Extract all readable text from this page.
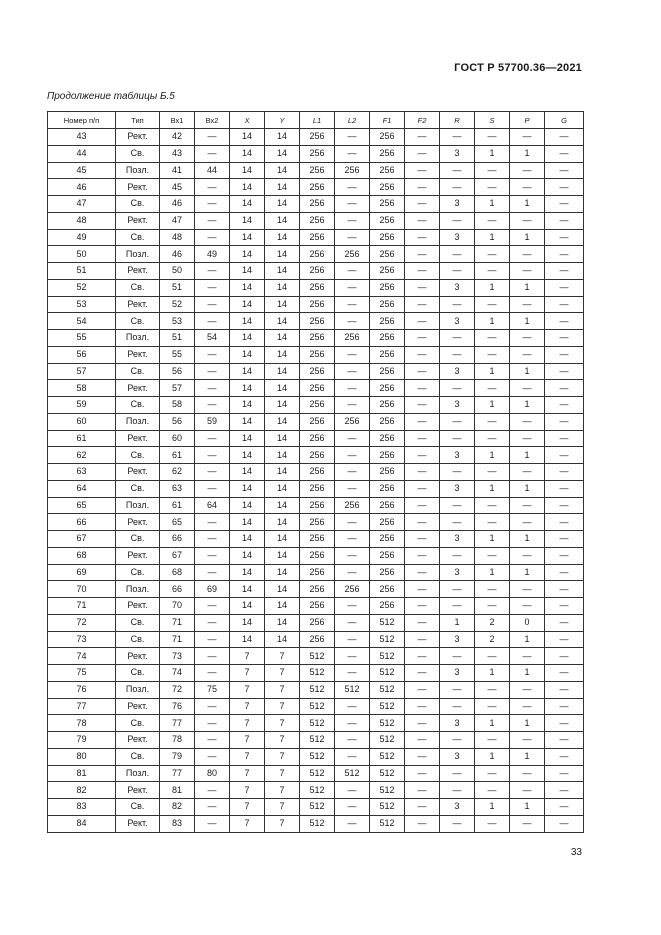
ГОСТ Р 57700.36—2021
Продолжение таблицы Б.5
Номер п/п	Тип	Вх1	Вх2	X	Y	L1	L2	F1	F2	R	S	P	G
43	Рект.	42	—	14	14	256	—	256	—	—	—	—	—
44	Св.	43	—	14	14	256	—	256	—	3	1	1	—
45	Позл.	41	44	14	14	256	256	256	—	—	—	—	—
46	Рект.	45	—	14	14	256	—	256	—	—	—	—	—
47	Св.	46	—	14	14	256	—	256	—	3	1	1	—
48	Рект.	47	—	14	14	256	—	256	—	—	—	—	—
49	Св.	48	—	14	14	256	—	256	—	3	1	1	—
50	Позл.	46	49	14	14	256	256	256	—	—	—	—	—
51	Рект.	50	—	14	14	256	—	256	—	—	—	—	—
52	Св.	51	—	14	14	256	—	256	—	3	1	1	—
53	Рект.	52	—	14	14	256	—	256	—	—	—	—	—
54	Св.	53	—	14	14	256	—	256	—	3	1	1	—
55	Позл.	51	54	14	14	256	256	256	—	—	—	—	—
56	Рект.	55	—	14	14	256	—	256	—	—	—	—	—
57	Св.	56	—	14	14	256	—	256	—	3	1	1	—
58	Рект.	57	—	14	14	256	—	256	—	—	—	—	—
59	Св.	58	—	14	14	256	—	256	—	3	1	1	—
60	Позл.	56	59	14	14	256	256	256	—	—	—	—	—
61	Рект.	60	—	14	14	256	—	256	—	—	—	—	—
62	Св.	61	—	14	14	256	—	256	—	3	1	1	—
63	Рект.	62	—	14	14	256	—	256	—	—	—	—	—
64	Св.	63	—	14	14	256	—	256	—	3	1	1	—
65	Позл.	61	64	14	14	256	256	256	—	—	—	—	—
66	Рект.	65	—	14	14	256	—	256	—	—	—	—	—
67	Св.	66	—	14	14	256	—	256	—	3	1	1	—
68	Рект.	67	—	14	14	256	—	256	—	—	—	—	—
69	Св.	68	—	14	14	256	—	256	—	3	1	1	—
70	Позл.	66	69	14	14	256	256	256	—	—	—	—	—
71	Рект.	70	—	14	14	256	—	256	—	—	—	—	—
72	Св.	71	—	14	14	256	—	512	—	1	2	0	—
73	Св.	71	—	14	14	256	—	512	—	3	2	1	—
74	Рект.	73	—	7	7	512	—	512	—	—	—	—	—
75	Св.	74	—	7	7	512	—	512	—	3	1	1	—
76	Позл.	72	75	7	7	512	512	512	—	—	—	—	—
77	Рект.	76	—	7	7	512	—	512	—	—	—	—	—
78	Св.	77	—	7	7	512	—	512	—	3	1	1	—
79	Рект.	78	—	7	7	512	—	512	—	—	—	—	—
80	Св.	79	—	7	7	512	—	512	—	3	1	1	—
81	Позл.	77	80	7	7	512	512	512	—	—	—	—	—
82	Рект.	81	—	7	7	512	—	512	—	—	—	—	—
83	Св.	82	—	7	7	512	—	512	—	3	1	1	—
84	Рект.	83	—	7	7	512	—	512	—	—	—	—	—
33
